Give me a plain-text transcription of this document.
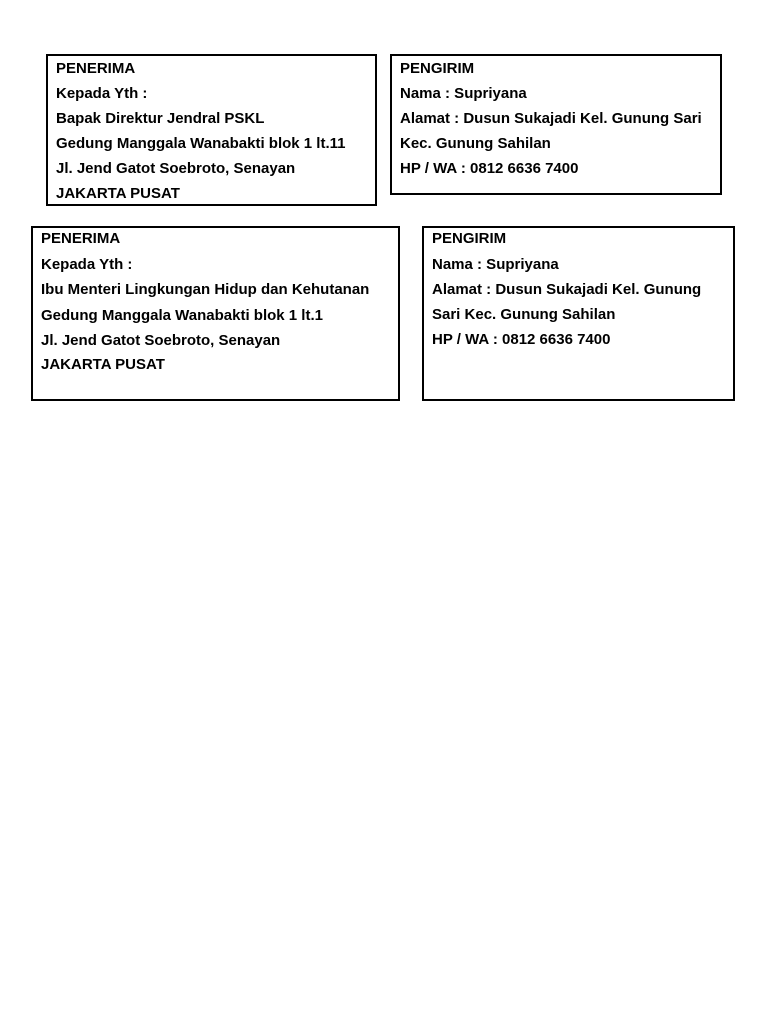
PENERIMA
Kepada Yth :
Bapak Direktur Jendral PSKL
Gedung Manggala Wanabakti blok 1 lt.11
Jl. Jend Gatot Soebroto, Senayan
JAKARTA PUSAT
PENGIRIM
Nama : Supriyana
Alamat : Dusun Sukajadi Kel. Gunung Sari
Kec. Gunung Sahilan
HP / WA : 0812 6636 7400
PENERIMA
Kepada Yth :
Ibu Menteri Lingkungan Hidup dan Kehutanan
Gedung Manggala Wanabakti blok 1 lt.1
Jl. Jend Gatot Soebroto, Senayan
JAKARTA PUSAT
PENGIRIM
Nama : Supriyana
Alamat : Dusun Sukajadi Kel. Gunung
Sari Kec. Gunung Sahilan
HP / WA : 0812 6636 7400
